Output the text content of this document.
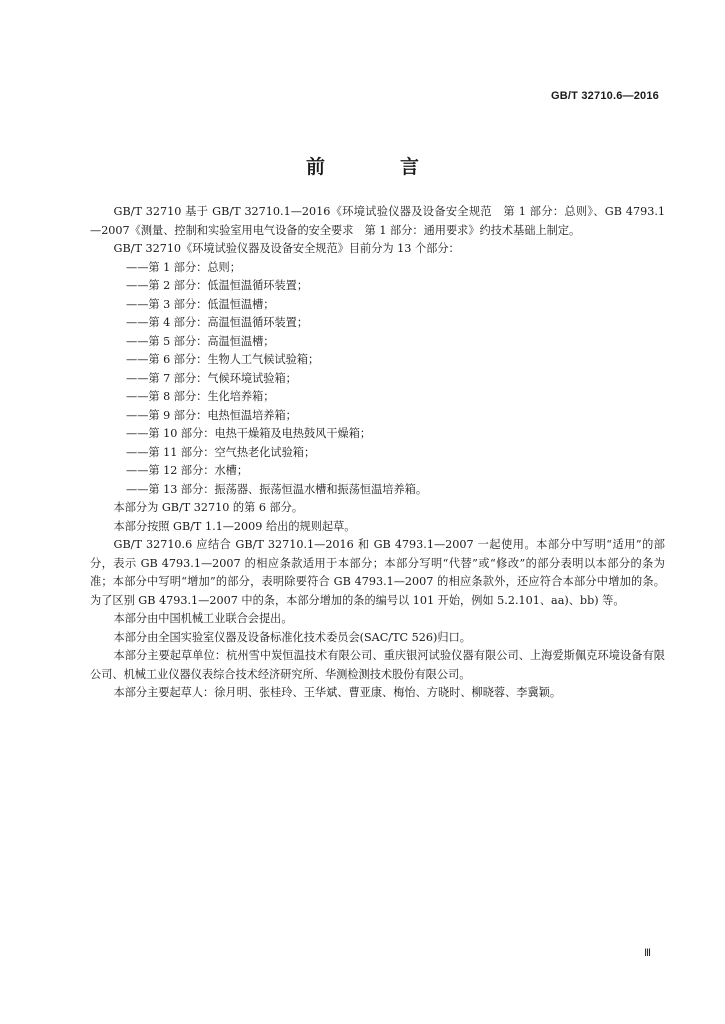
GB/T 32710.6—2016
前　言

GB/T 32710 基于 GB/T 32710.1—2016《环境试验仪器及设备安全规范　第 1 部分：总则》、GB 4793.1—2007《测量、控制和实验室用电气设备的安全要求　第 1 部分：通用要求》约技术基础上制定。

GB/T 32710《环境试验仪器及设备安全规范》目前分为 13 个部分：

——第 1 部分：总则；

——第 2 部分：低温恒温循环装置；

——第 3 部分：低温恒温槽；

——第 4 部分：高温恒温循环装置；

——第 5 部分：高温恒温槽；

——第 6 部分：生物人工气候试验箱；

——第 7 部分：气候环境试验箱；

——第 8 部分：生化培养箱；

——第 9 部分：电热恒温培养箱；

——第 10 部分：电热干燥箱及电热鼓风干燥箱；

——第 11 部分：空气热老化试验箱；

——第 12 部分：水槽；

——第 13 部分：振荡器、振荡恒温水槽和振荡恒温培养箱。

本部分为 GB/T 32710 的第 6 部分。

本部分按照 GB/T 1.1—2009 给出的规则起草。

GB/T 32710.6 应结合 GB/T 32710.1—2016 和 GB 4793.1—2007 一起使用。本部分中写明“适用”的部分，表示 GB 4793.1—2007 的相应条款适用于本部分；本部分写明“代替”或“修改”的部分表明以本部分的条为准；本部分中写明“增加”的部分，表明除要符合 GB 4793.1—2007 的相应条款外，还应符合本部分中增加的条。为了区别 GB 4793.1—2007 中的条，本部分增加的条的编号以 101 开始，例如 5.2.101、aa)、bb) 等。

本部分由中国机械工业联合会提出。

本部分由全国实验室仪器及设备标准化技术委员会(SAC/TC 526)归口。

本部分主要起草单位：杭州雪中炭恒温技术有限公司、重庆银河试验仪器有限公司、上海爱斯佩克环境设备有限公司、机械工业仪器仪表综合技术经济研究所、华测检测技术股份有限公司。

本部分主要起草人：徐月明、张桂玲、王华斌、曹亚康、梅怡、方晓时、柳晓蓉、李冀颖。

Ⅲ
